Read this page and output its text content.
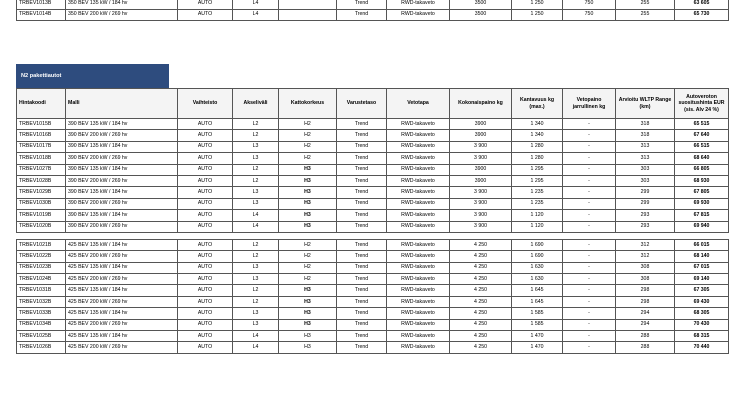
TRBEV1013B	350 BEV 135 kW / 184 hv	AUTO	L4		Trend	RWD-takaveto	3500	1 250	750	255	63 605
TRBEV1014B	350 BEV 200 kW / 269 hv	AUTO	L4		Trend	RWD-takaveto	3500	1 250	750	255	65 730
N2 pakettiautot
Hintakoodi	Malli	Vaihteisto	Akseliväli	Kattokorkeus	Varustetaso	Vetotapa	Kokonaispaino kg	Kantavuus kg (max.)	Vetopaino jarrullinen kg	Arvioitu WLTP Range (km)	Autoveroton suositushinta EUR (sis. Alv 24 %)
TRBEV1015B	390 BEV 135 kW / 184 hv	AUTO	L2	H2	Trend	RWD-takaveto	3900	1 340	-	318	65 515
TRBEV1016B	390 BEV 200 kW / 269 hv	AUTO	L2	H2	Trend	RWD-takaveto	3900	1 340	-	318	67 640
TRBEV1017B	390 BEV 135 kW / 184 hv	AUTO	L3	H2	Trend	RWD-takaveto	3 900	1 280	-	313	66 515
TRBEV1018B	390 BEV 200 kW / 269 hv	AUTO	L3	H2	Trend	RWD-takaveto	3 900	1 280	-	313	68 640
TRBEV1027B	390 BEV 135 kW / 184 hv	AUTO	L2	H3	Trend	RWD-takaveto	3900	1 295	-	303	66 805
TRBEV1028B	390 BEV 200 kW / 269 hv	AUTO	L2	H3	Trend	RWD-takaveto	3900	1 295	-	303	68 930
TRBEV1029B	390 BEV 135 kW / 184 hv	AUTO	L3	H3	Trend	RWD-takaveto	3 900	1 235	-	299	67 805
TRBEV1030B	390 BEV 200 kW / 269 hv	AUTO	L3	H3	Trend	RWD-takaveto	3 900	1 235	-	299	69 930
TRBEV1019B	390 BEV 135 kW / 184 hv	AUTO	L4	H3	Trend	RWD-takaveto	3 900	1 120	-	293	67 815
TRBEV1020B	390 BEV 200 kW / 269 hv	AUTO	L4	H3	Trend	RWD-takaveto	3 900	1 120	-	293	69 940

TRBEV1021B	425 BEV 135 kW / 184 hv	AUTO	L2	H2	Trend	RWD-takaveto	4 250	1 690	-	312	66 015
TRBEV1022B	425 BEV 200 kW / 269 hv	AUTO	L2	H2	Trend	RWD-takaveto	4 250	1 690	-	312	68 140
TRBEV1023B	425 BEV 135 kW / 184 hv	AUTO	L3	H2	Trend	RWD-takaveto	4 250	1 630	-	308	67 015
TRBEV1024B	425 BEV 200 kW / 269 hv	AUTO	L3	H2	Trend	RWD-takaveto	4 250	1 630	-	308	69 140
TRBEV1031B	425 BEV 135 kW / 184 hv	AUTO	L2	H3	Trend	RWD-takaveto	4 250	1 645	-	298	67 305
TRBEV1032B	425 BEV 200 kW / 269 hv	AUTO	L2	H3	Trend	RWD-takaveto	4 250	1 645	-	298	69 430
TRBEV1033B	425 BEV 135 kW / 184 hv	AUTO	L3	H3	Trend	RWD-takaveto	4 250	1 585	-	294	68 305
TRBEV1034B	425 BEV 200 kW / 269 hv	AUTO	L3	H3	Trend	RWD-takaveto	4 250	1 585	-	294	70 430
TRBEV1025B	425 BEV 135 kW / 184 hv	AUTO	L4	H3	Trend	RWD-takaveto	4 250	1 470	-	288	68 315
TRBEV1026B	425 BEV 200 kW / 269 hv	AUTO	L4	H3	Trend	RWD-takaveto	4 250	1 470	-	288	70 440
